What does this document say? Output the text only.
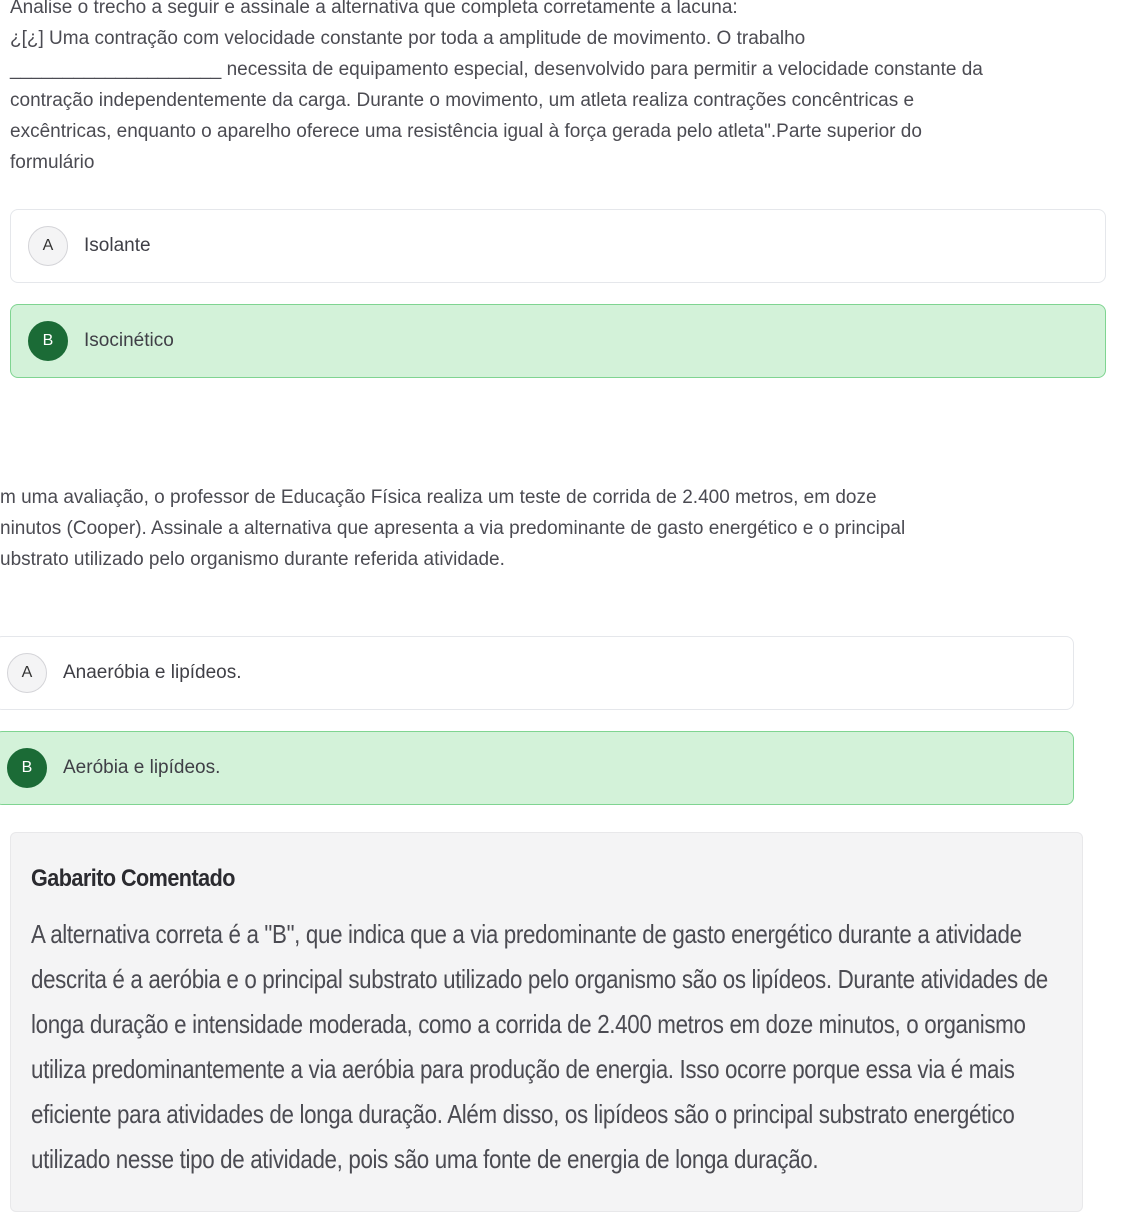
Analise o trecho a seguir e assinale a alternativa que completa corretamente a lacuna:
¿[¿] Uma contração com velocidade constante por toda a amplitude de movimento. O trabalho
____________________ necessita de equipamento especial, desenvolvido para permitir a velocidade constante da
contração independentemente da carga. Durante o movimento, um atleta realiza contrações concêntricas e
excêntricas, enquanto o aparelho oferece uma resistência igual à força gerada pelo atleta".Parte superior do
formulário
A	Isolante
B	Isocinético
m uma avaliação, o professor de Educação Física realiza um teste de corrida de 2.400 metros, em doze
ninutos (Cooper). Assinale a alternativa que apresenta a via predominante de gasto energético e o principal
ubstrato utilizado pelo organismo durante referida atividade.
A	Anaeróbia e lipídeos.
B	Aeróbia e lipídeos.
Gabarito Comentado
A alternativa correta é a "B", que indica que a via predominante de gasto energético durante a atividade
descrita é a aeróbia e o principal substrato utilizado pelo organismo são os lipídeos. Durante atividades de
longa duração e intensidade moderada, como a corrida de 2.400 metros em doze minutos, o organismo
utiliza predominantemente a via aeróbia para produção de energia. Isso ocorre porque essa via é mais
eficiente para atividades de longa duração. Além disso, os lipídeos são o principal substrato energético
utilizado nesse tipo de atividade, pois são uma fonte de energia de longa duração.
